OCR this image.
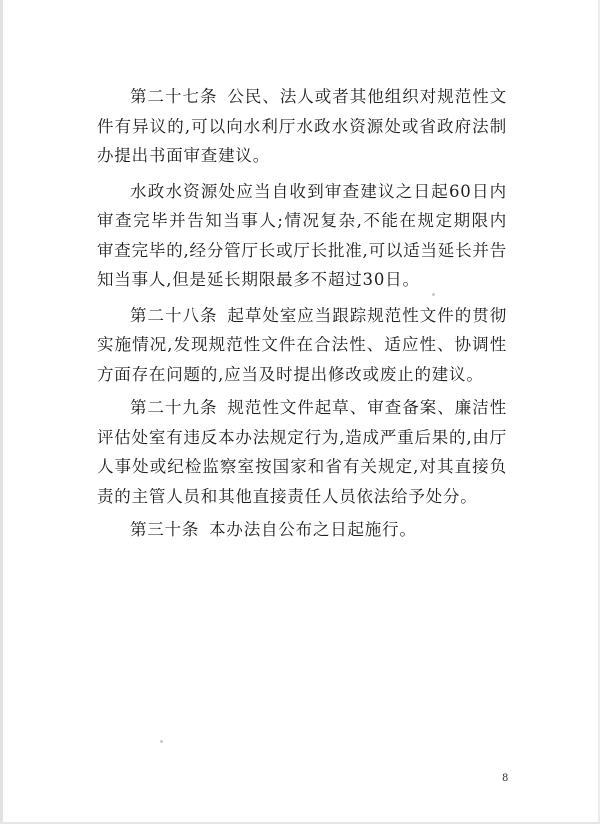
第二十七条 公民、法人或者其他组织对规范性文件有异议的,可以向水利厅水政水资源处或省政府法制办提出书面审查建议。

水政水资源处应当自收到审查建议之日起60日内审查完毕并告知当事人;情况复杂,不能在规定期限内审查完毕的,经分管厅长或厅长批准,可以适当延长并告知当事人,但是延长期限最多不超过30日。

第二十八条 起草处室应当跟踪规范性文件的贯彻实施情况,发现规范性文件在合法性、适应性、协调性方面存在问题的,应当及时提出修改或废止的建议。

第二十九条 规范性文件起草、审查备案、廉洁性评估处室有违反本办法规定行为,造成严重后果的,由厅人事处或纪检监察室按国家和省有关规定,对其直接负责的主管人员和其他直接责任人员依法给予处分。

第三十条 本办法自公布之日起施行。

8
